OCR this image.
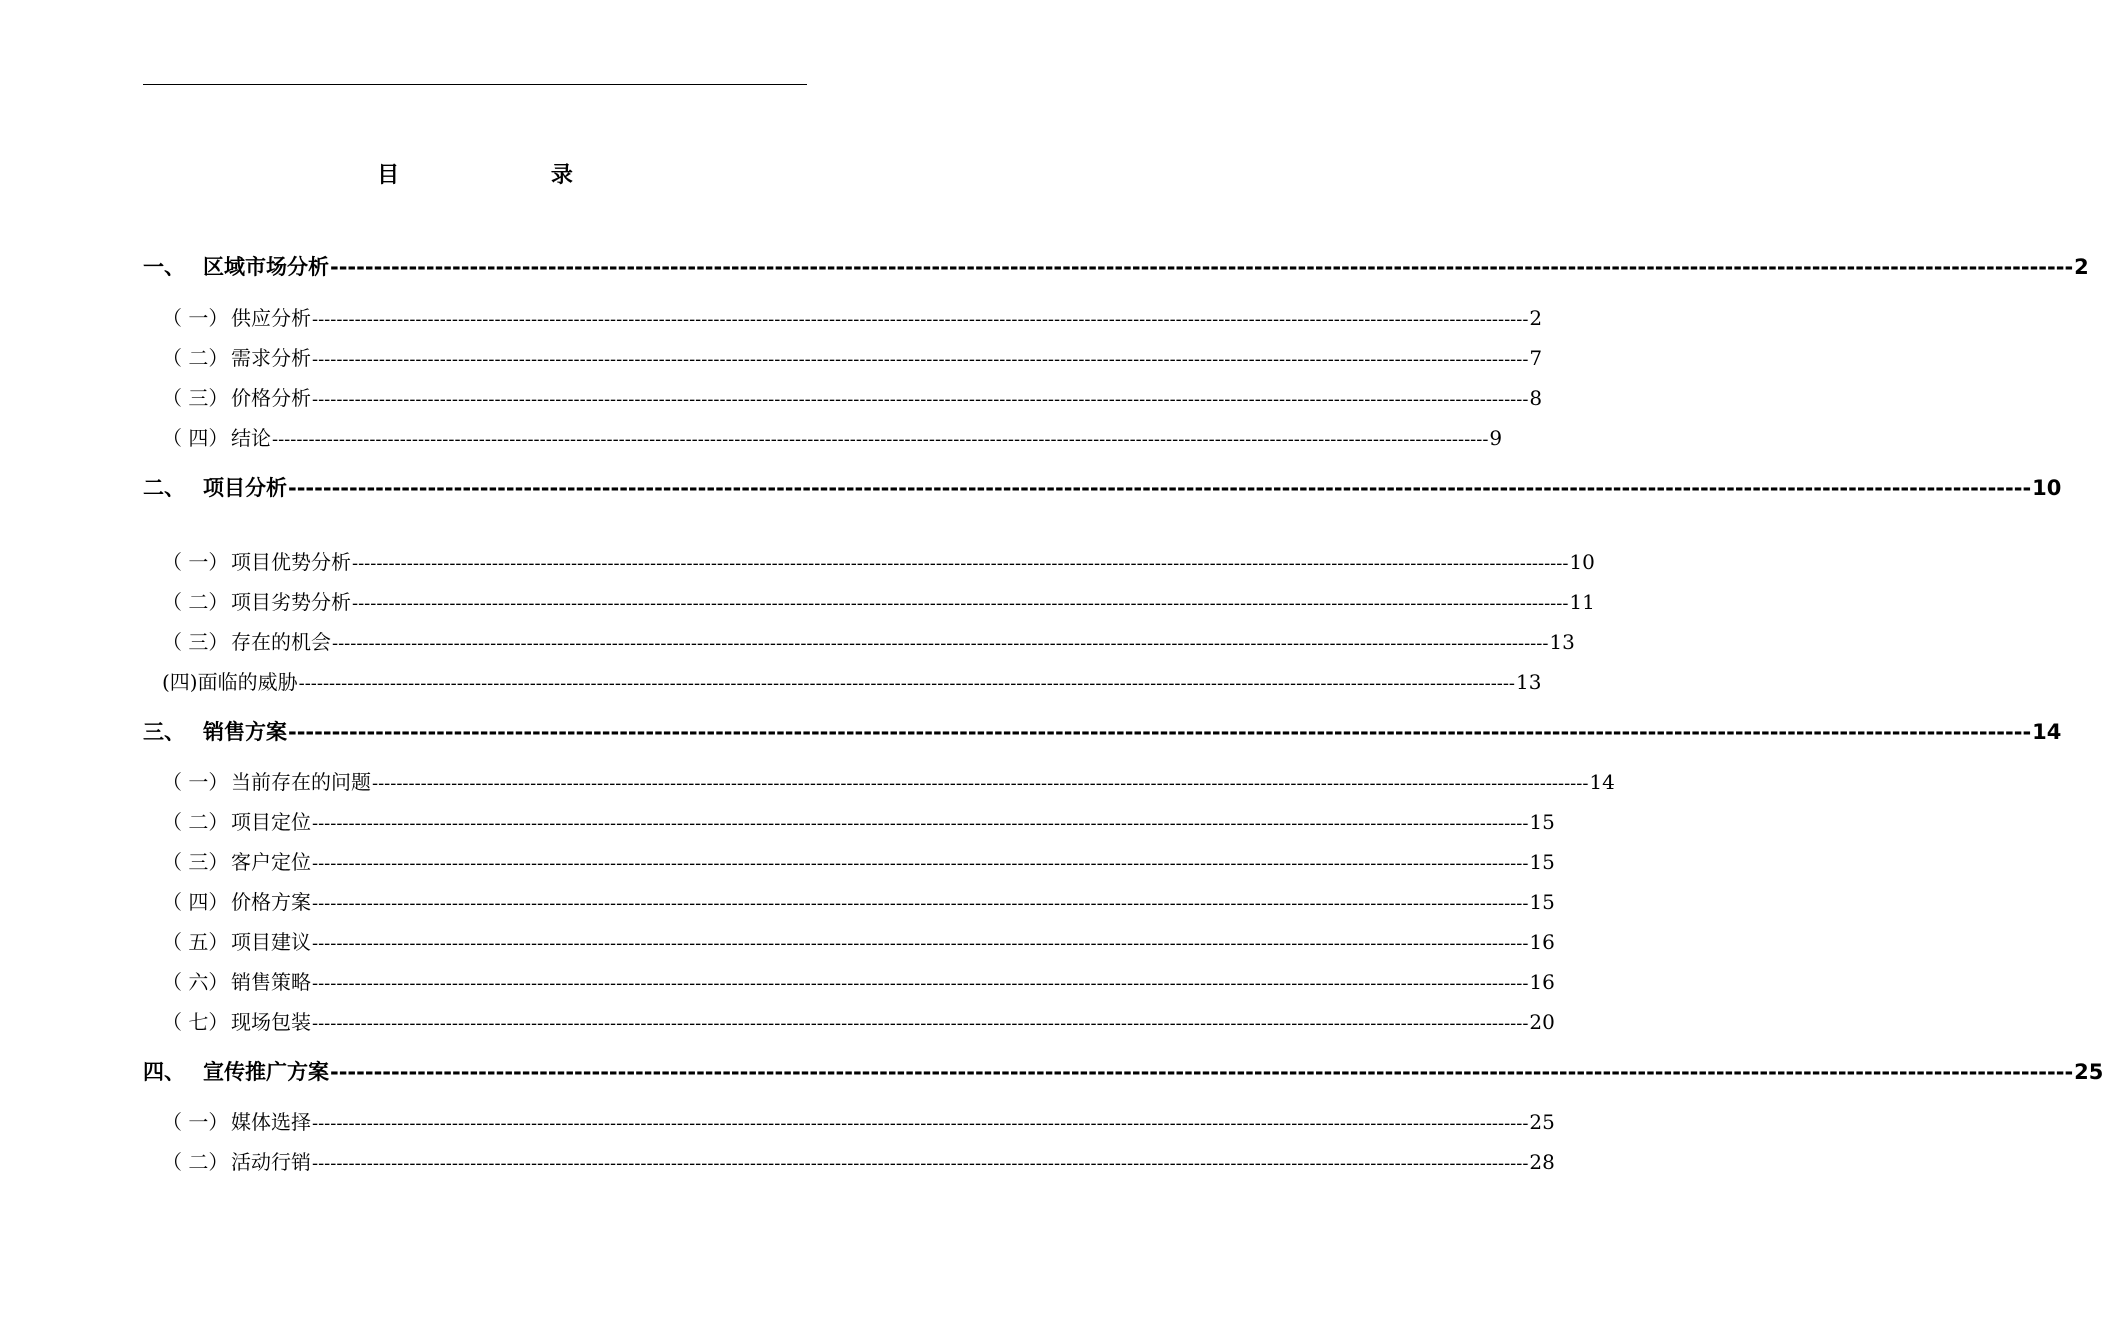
目 录
一、 区域市场分析 -------------------------------------------------------------------------------------------------------------------------------------------------------------------------------------------------------- 2
（ 一） 供应分析 -------------------------------------------------------------------------------------------------------------------------------------------------------------------------------------------------------- 2
（ 二） 需求分析 -------------------------------------------------------------------------------------------------------------------------------------------------------------------------------------------------------- 7
（ 三） 价格分析 -------------------------------------------------------------------------------------------------------------------------------------------------------------------------------------------------------- 8
（ 四） 结论 -------------------------------------------------------------------------------------------------------------------------------------------------------------------------------------------------------- 9
二、 项目分析 -------------------------------------------------------------------------------------------------------------------------------------------------------------------------------------------------------- 10
（ 一） 项目优势分析 -------------------------------------------------------------------------------------------------------------------------------------------------------------------------------------------------------- 10
（ 二） 项目劣势分析 -------------------------------------------------------------------------------------------------------------------------------------------------------------------------------------------------------- 11
（ 三） 存在的机会 -------------------------------------------------------------------------------------------------------------------------------------------------------------------------------------------------------- 13
(四) 面临的威胁 -------------------------------------------------------------------------------------------------------------------------------------------------------------------------------------------------------- 13
三、 销售方案 -------------------------------------------------------------------------------------------------------------------------------------------------------------------------------------------------------- 14
（ 一） 当前存在的问题 -------------------------------------------------------------------------------------------------------------------------------------------------------------------------------------------------------- 14
（ 二） 项目定位 -------------------------------------------------------------------------------------------------------------------------------------------------------------------------------------------------------- 15
（ 三） 客户定位 -------------------------------------------------------------------------------------------------------------------------------------------------------------------------------------------------------- 15
（ 四） 价格方案 -------------------------------------------------------------------------------------------------------------------------------------------------------------------------------------------------------- 15
（ 五） 项目建议 -------------------------------------------------------------------------------------------------------------------------------------------------------------------------------------------------------- 16
（ 六） 销售策略 -------------------------------------------------------------------------------------------------------------------------------------------------------------------------------------------------------- 16
（ 七） 现场包装 -------------------------------------------------------------------------------------------------------------------------------------------------------------------------------------------------------- 20
四、 宣传推广方案 -------------------------------------------------------------------------------------------------------------------------------------------------------------------------------------------------------- 25
（ 一） 媒体选择 -------------------------------------------------------------------------------------------------------------------------------------------------------------------------------------------------------- 25
（ 二） 活动行销 -------------------------------------------------------------------------------------------------------------------------------------------------------------------------------------------------------- 28
